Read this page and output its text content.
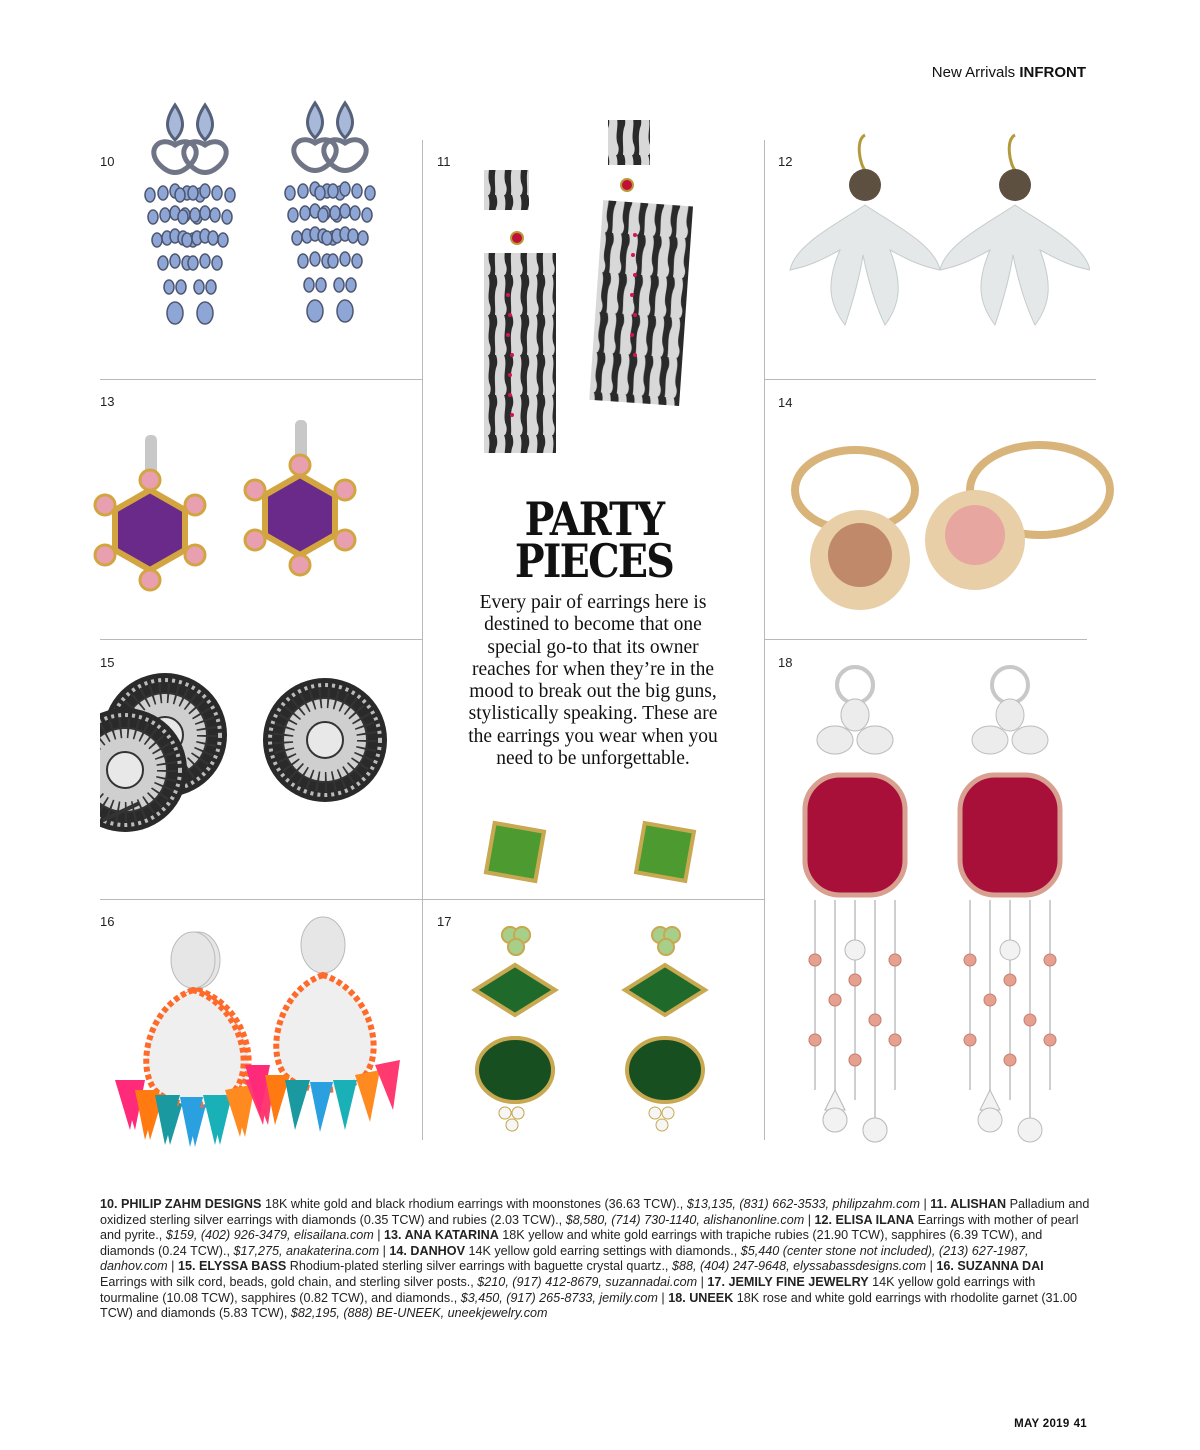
New Arrivals INFRONT
10	11	12
13	14
15	18
16	17
PARTY
PIECES
Every pair of earrings here is destined to become that one special go-to that its owner reaches for when they’re in the mood to break out the big guns, stylistically speaking. These are the earrings you wear when you need to be unforgettable.
10. PHILIP ZAHM DESIGNS 18K white gold and black rhodium earrings with moonstones (36.63 TCW)., $13,135, (831) 662-3533, philipzahm.com | 11. ALISHAN Palladium and oxidized sterling silver earrings with diamonds (0.35 TCW) and rubies (2.03 TCW)., $8,580, (714) 730-1140, alishanonline.com | 12. ELISA ILANA Earrings with mother of pearl and pyrite., $159, (402) 926-3479, elisailana.com | 13. ANA KATARINA 18K yellow and white gold earrings with trapiche rubies (21.90 TCW), sapphires (6.39 TCW), and diamonds (0.24 TCW)., $17,275, anakaterina.com | 14. DANHOV 14K yellow gold earring settings with diamonds., $5,440 (center stone not included), (213) 627-1987, danhov.com | 15. ELYSSA BASS Rhodium-plated sterling silver earrings with baguette crystal quartz., $88, (404) 247-9648, elyssabassdesigns.com | 16. SUZANNA DAI Earrings with silk cord, beads, gold chain, and sterling silver posts., $210, (917) 412-8679, suzannadai.com | 17. JEMILY FINE JEWELRY 14K yellow gold earrings with tourmaline (10.08 TCW), sapphires (0.82 TCW), and diamonds., $3,450, (917) 265-8733, jemily.com | 18. UNEEK 18K rose and white gold earrings with rhodolite garnet (31.00 TCW) and diamonds (5.83 TCW), $82,195, (888) BE-UNEEK, uneekjewelry.com
MAY 2019 41
